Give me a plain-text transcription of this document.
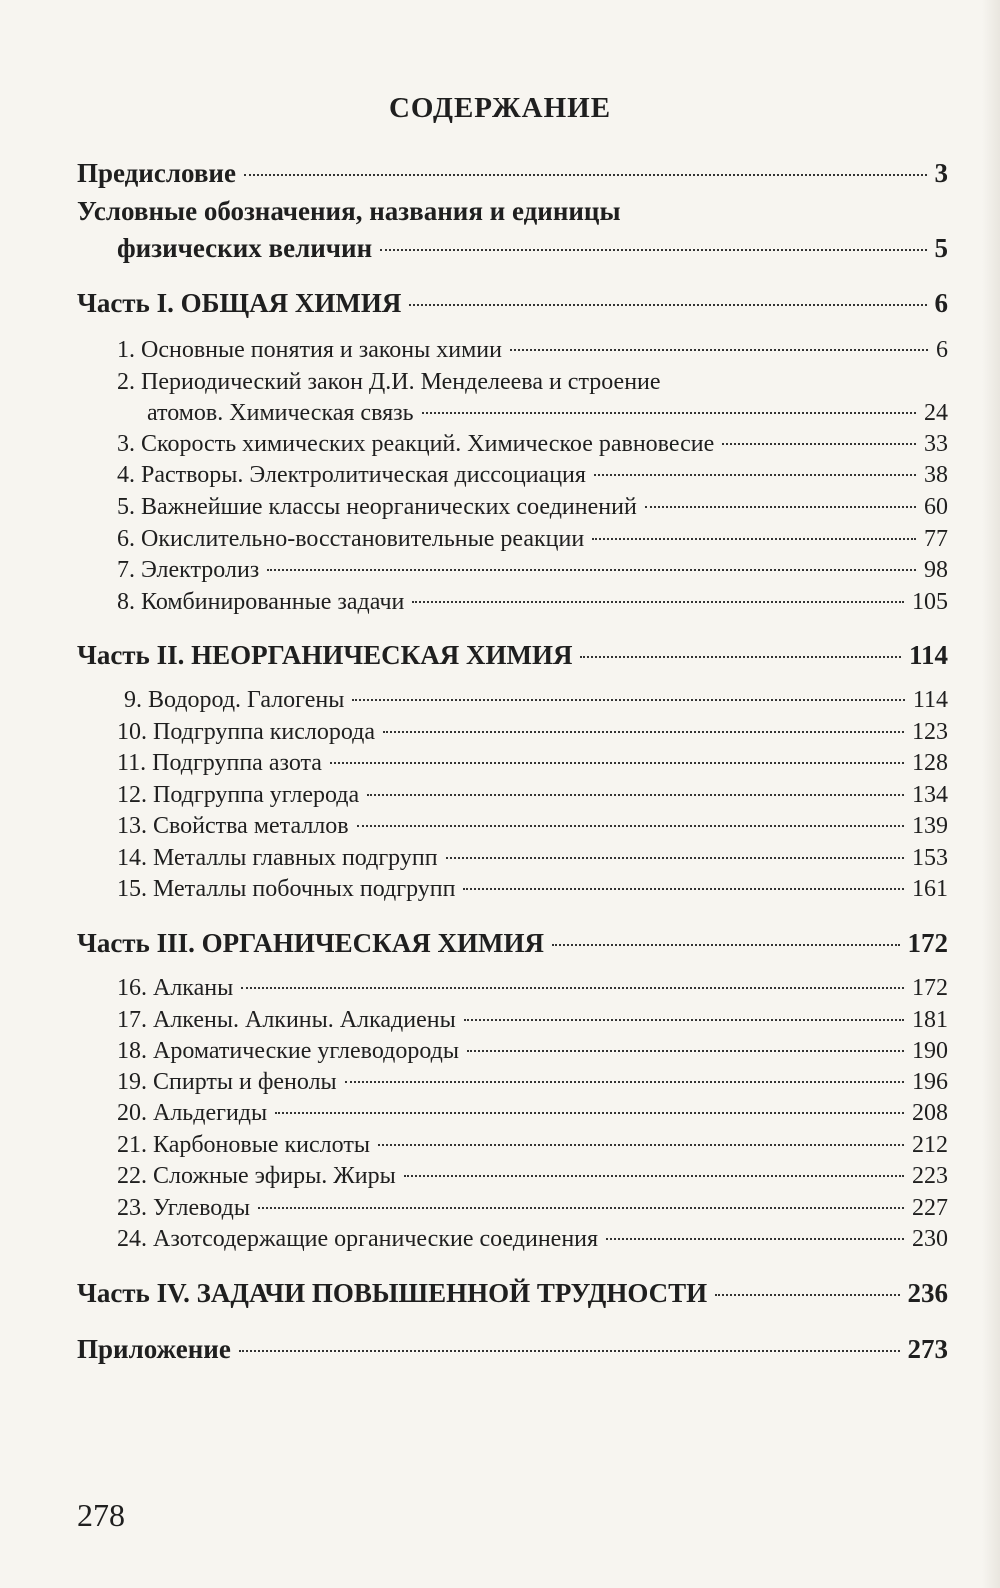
СОДЕРЖАНИЕ
Предисловие	3
Условные обозначения, названия и единицы
физических величин	5
Часть I. ОБЩАЯ ХИМИЯ	6
1. Основные понятия и законы химии	6
2. Периодический закон Д.И. Менделеева и строение
атомов. Химическая связь	24
3. Скорость химических реакций. Химическое равновесие	33
4. Растворы. Электролитическая диссоциация	38
5. Важнейшие классы неорганических соединений	60
6. Окислительно-восстановительные реакции	77
7. Электролиз	98
8. Комбинированные задачи	105
Часть II. НЕОРГАНИЧЕСКАЯ ХИМИЯ	114
9. Водород. Галогены	114
10. Подгруппа кислорода	123
11. Подгруппа азота	128
12. Подгруппа углерода	134
13. Свойства металлов	139
14. Металлы главных подгрупп	153
15. Металлы побочных подгрупп	161
Часть III. ОРГАНИЧЕСКАЯ ХИМИЯ	172
16. Алканы	172
17. Алкены. Алкины. Алкадиены	181
18. Ароматические углеводороды	190
19. Спирты и фенолы	196
20. Альдегиды	208
21. Карбоновые кислоты	212
22. Сложные эфиры. Жиры	223
23. Углеводы	227
24. Азотсодержащие органические соединения	230
Часть IV. ЗАДАЧИ ПОВЫШЕННОЙ ТРУДНОСТИ	236
Приложение	273
278
